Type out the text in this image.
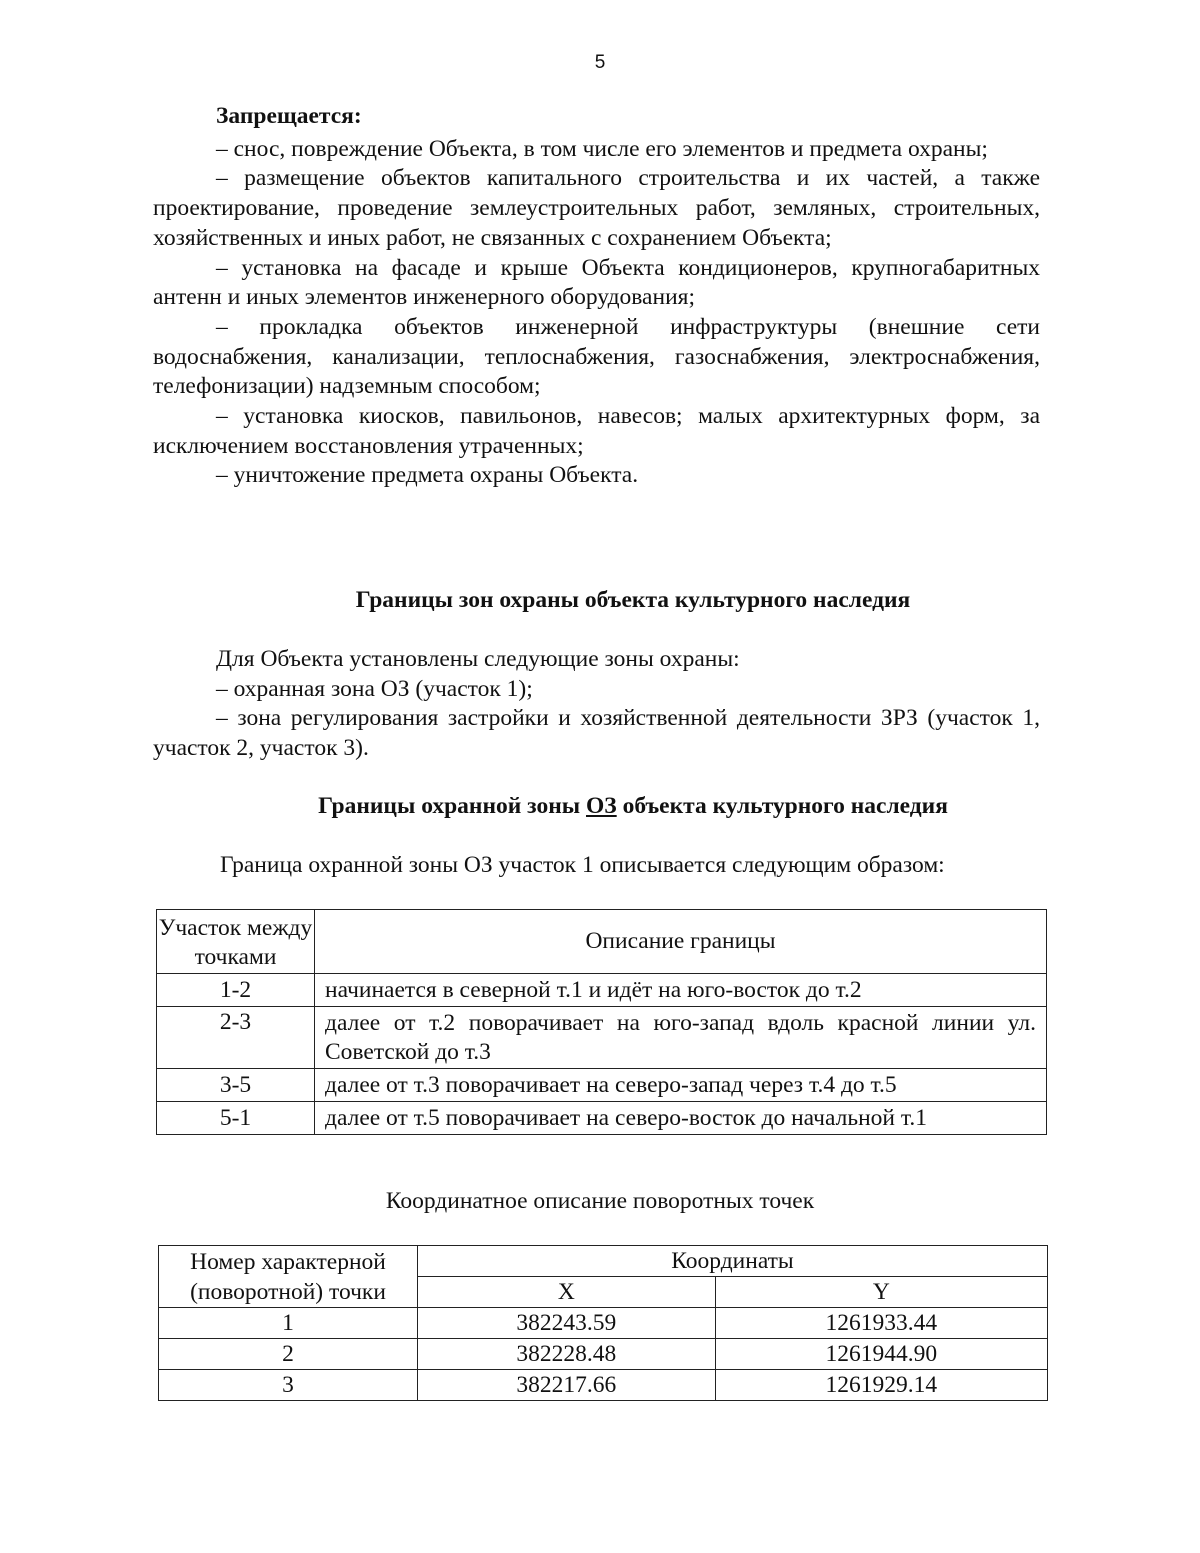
5

Запрещается:

– снос, повреждение Объекта, в том числе его элементов и предмета охраны;

– размещение объектов капитального строительства и их частей, а также проектирование, проведение землеустроительных работ, земляных, строительных, хозяйственных и иных работ, не связанных с сохранением Объекта;

– установка на фасаде и крыше Объекта кондиционеров, крупногабаритных антенн и иных элементов инженерного оборудования;

– прокладка объектов инженерной инфраструктуры (внешние сети водоснабжения, канализации, теплоснабжения, газоснабжения, электроснабжения, телефонизации) надземным способом;

– установка киосков, павильонов, навесов; малых архитектурных форм, за исключением восстановления утраченных;

– уничтожение предмета охраны Объекта.

Границы зон охраны объекта культурного наследия

Для Объекта установлены следующие зоны охраны:

– охранная зона ОЗ (участок 1);

– зона регулирования застройки и хозяйственной деятельности ЗРЗ (участок 1, участок 2, участок 3).

Границы охранной зоны ОЗ объекта культурного наследия
Граница охранной зоны ОЗ участок 1 описывается следующим образом:
Участок между точками	Описание границы
1-2	начинается в северной т.1 и идёт на юго-восток до т.2
2-3	далее от т.2 поворачивает на юго-запад вдоль красной линии ул. Советской до т.3
3-5	далее от т.3 поворачивает на северо-запад через т.4 до т.5
5-1	далее от т.5 поворачивает на северо-восток до начальной т.1
Координатное описание поворотных точек
Номер характерной (поворотной) точки	Координаты	
	X	Y
1	382243.59	1261933.44
2	382228.48	1261944.90
3	382217.66	1261929.14
